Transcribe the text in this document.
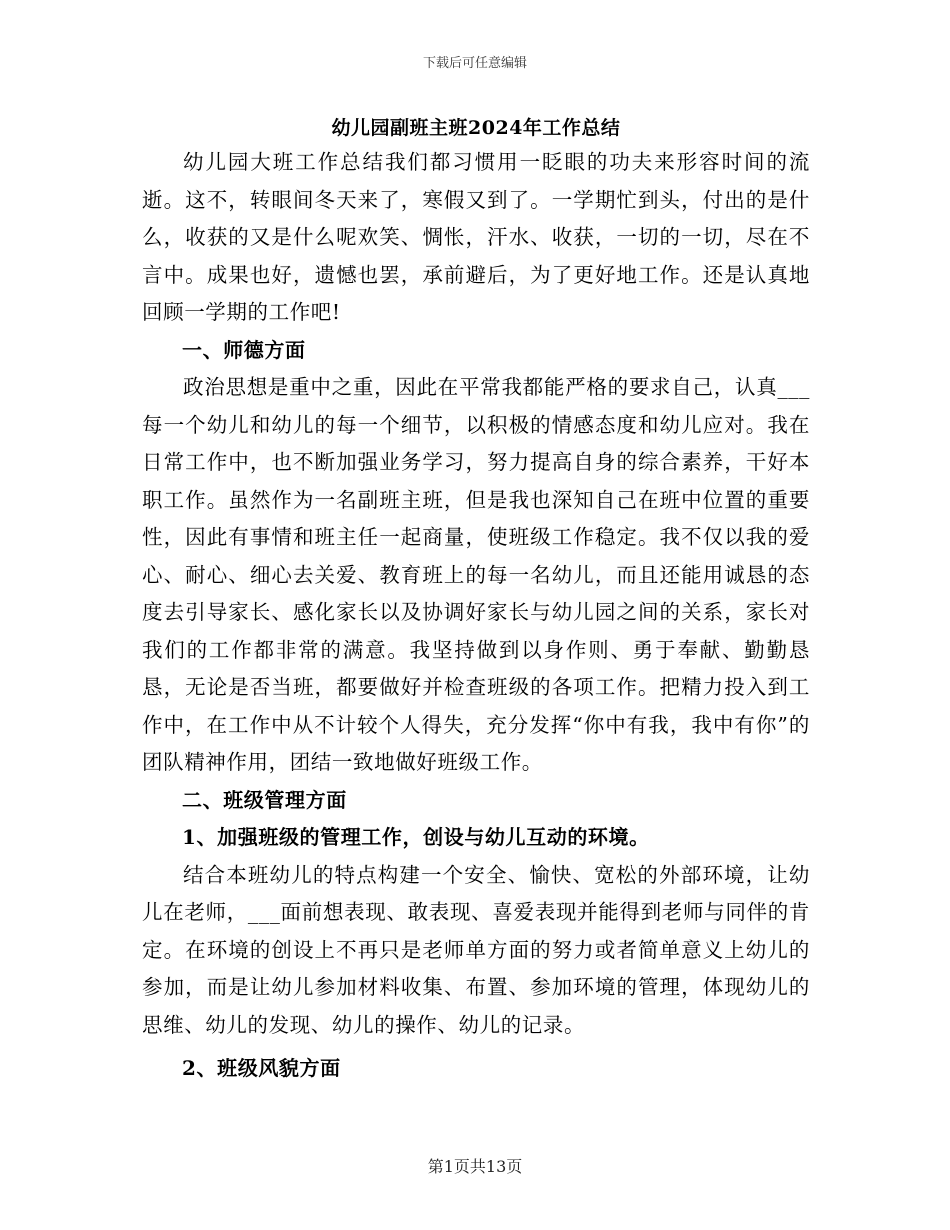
下载后可任意编辑
幼儿园副班主班2024年工作总结

幼儿园大班工作总结我们都习惯用一眨眼的功夫来形容时间的流逝。这不，转眼间冬天来了，寒假又到了。一学期忙到头，付出的是什么，收获的又是什么呢欢笑、惆怅，汗水、收获，一切的一切，尽在不言中。成果也好，遗憾也罢，承前避后，为了更好地工作。还是认真地回顾一学期的工作吧!

一、师德方面

政治思想是重中之重，因此在平常我都能严格的要求自己，认真___每一个幼儿和幼儿的每一个细节，以积极的情感态度和幼儿应对。我在日常工作中，也不断加强业务学习，努力提高自身的综合素养，干好本职工作。虽然作为一名副班主班，但是我也深知自己在班中位置的重要性，因此有事情和班主任一起商量，使班级工作稳定。我不仅以我的爱心、耐心、细心去关爱、教育班上的每一名幼儿，而且还能用诚恳的态度去引导家长、感化家长以及协调好家长与幼儿园之间的关系，家长对我们的工作都非常的满意。我坚持做到以身作则、勇于奉献、勤勤恳恳，无论是否当班，都要做好并检查班级的各项工作。把精力投入到工作中，在工作中从不计较个人得失，充分发挥“你中有我，我中有你”的团队精神作用，团结一致地做好班级工作。

二、班级管理方面

1、加强班级的管理工作，创设与幼儿互动的环境。

结合本班幼儿的特点构建一个安全、愉快、宽松的外部环境，让幼儿在老师，___面前想表现、敢表现、喜爱表现并能得到老师与同伴的肯定。在环境的创设上不再只是老师单方面的努力或者简单意义上幼儿的参加，而是让幼儿参加材料收集、布置、参加环境的管理，体现幼儿的思维、幼儿的发现、幼儿的操作、幼儿的记录。

2、班级风貌方面

第1页共13页
